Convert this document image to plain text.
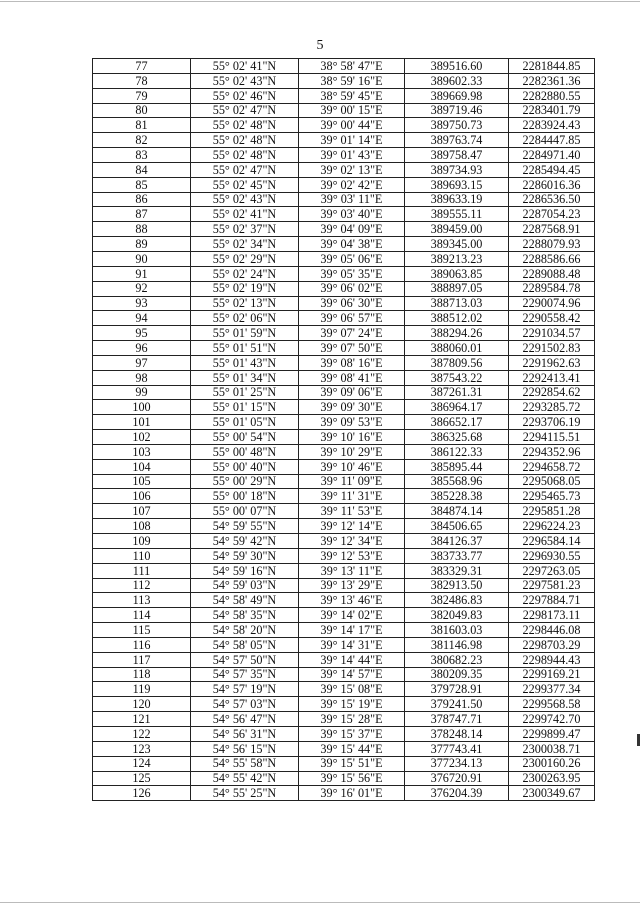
5
77	55° 02' 41"N	38° 58' 47"E	389516.60	2281844.85
78	55° 02' 43"N	38° 59' 16"E	389602.33	2282361.36
79	55° 02' 46"N	38° 59' 45"E	389669.98	2282880.55
80	55° 02' 47"N	39° 00' 15"E	389719.46	2283401.79
81	55° 02' 48"N	39° 00' 44"E	389750.73	2283924.43
82	55° 02' 48"N	39° 01' 14"E	389763.74	2284447.85
83	55° 02' 48"N	39° 01' 43"E	389758.47	2284971.40
84	55° 02' 47"N	39° 02' 13"E	389734.93	2285494.45
85	55° 02' 45"N	39° 02' 42"E	389693.15	2286016.36
86	55° 02' 43"N	39° 03' 11"E	389633.19	2286536.50
87	55° 02' 41"N	39° 03' 40"E	389555.11	2287054.23
88	55° 02' 37"N	39° 04' 09"E	389459.00	2287568.91
89	55° 02' 34"N	39° 04' 38"E	389345.00	2288079.93
90	55° 02' 29"N	39° 05' 06"E	389213.23	2288586.66
91	55° 02' 24"N	39° 05' 35"E	389063.85	2289088.48
92	55° 02' 19"N	39° 06' 02"E	388897.05	2289584.78
93	55° 02' 13"N	39° 06' 30"E	388713.03	2290074.96
94	55° 02' 06"N	39° 06' 57"E	388512.02	2290558.42
95	55° 01' 59"N	39° 07' 24"E	388294.26	2291034.57
96	55° 01' 51"N	39° 07' 50"E	388060.01	2291502.83
97	55° 01' 43"N	39° 08' 16"E	387809.56	2291962.63
98	55° 01' 34"N	39° 08' 41"E	387543.22	2292413.41
99	55° 01' 25"N	39° 09' 06"E	387261.31	2292854.62
100	55° 01' 15"N	39° 09' 30"E	386964.17	2293285.72
101	55° 01' 05"N	39° 09' 53"E	386652.17	2293706.19
102	55° 00' 54"N	39° 10' 16"E	386325.68	2294115.51
103	55° 00' 48"N	39° 10' 29"E	386122.33	2294352.96
104	55° 00' 40"N	39° 10' 46"E	385895.44	2294658.72
105	55° 00' 29"N	39° 11' 09"E	385568.96	2295068.05
106	55° 00' 18"N	39° 11' 31"E	385228.38	2295465.73
107	55° 00' 07"N	39° 11' 53"E	384874.14	2295851.28
108	54° 59' 55"N	39° 12' 14"E	384506.65	2296224.23
109	54° 59' 42"N	39° 12' 34"E	384126.37	2296584.14
110	54° 59' 30"N	39° 12' 53"E	383733.77	2296930.55
111	54° 59' 16"N	39° 13' 11"E	383329.31	2297263.05
112	54° 59' 03"N	39° 13' 29"E	382913.50	2297581.23
113	54° 58' 49"N	39° 13' 46"E	382486.83	2297884.71
114	54° 58' 35"N	39° 14' 02"E	382049.83	2298173.11
115	54° 58' 20"N	39° 14' 17"E	381603.03	2298446.08
116	54° 58' 05"N	39° 14' 31"E	381146.98	2298703.29
117	54° 57' 50"N	39° 14' 44"E	380682.23	2298944.43
118	54° 57' 35"N	39° 14' 57"E	380209.35	2299169.21
119	54° 57' 19"N	39° 15' 08"E	379728.91	2299377.34
120	54° 57' 03"N	39° 15' 19"E	379241.50	2299568.58
121	54° 56' 47"N	39° 15' 28"E	378747.71	2299742.70
122	54° 56' 31"N	39° 15' 37"E	378248.14	2299899.47
123	54° 56' 15"N	39° 15' 44"E	377743.41	2300038.71
124	54° 55' 58"N	39° 15' 51"E	377234.13	2300160.26
125	54° 55' 42"N	39° 15' 56"E	376720.91	2300263.95
126	54° 55' 25"N	39° 16' 01"E	376204.39	2300349.67
